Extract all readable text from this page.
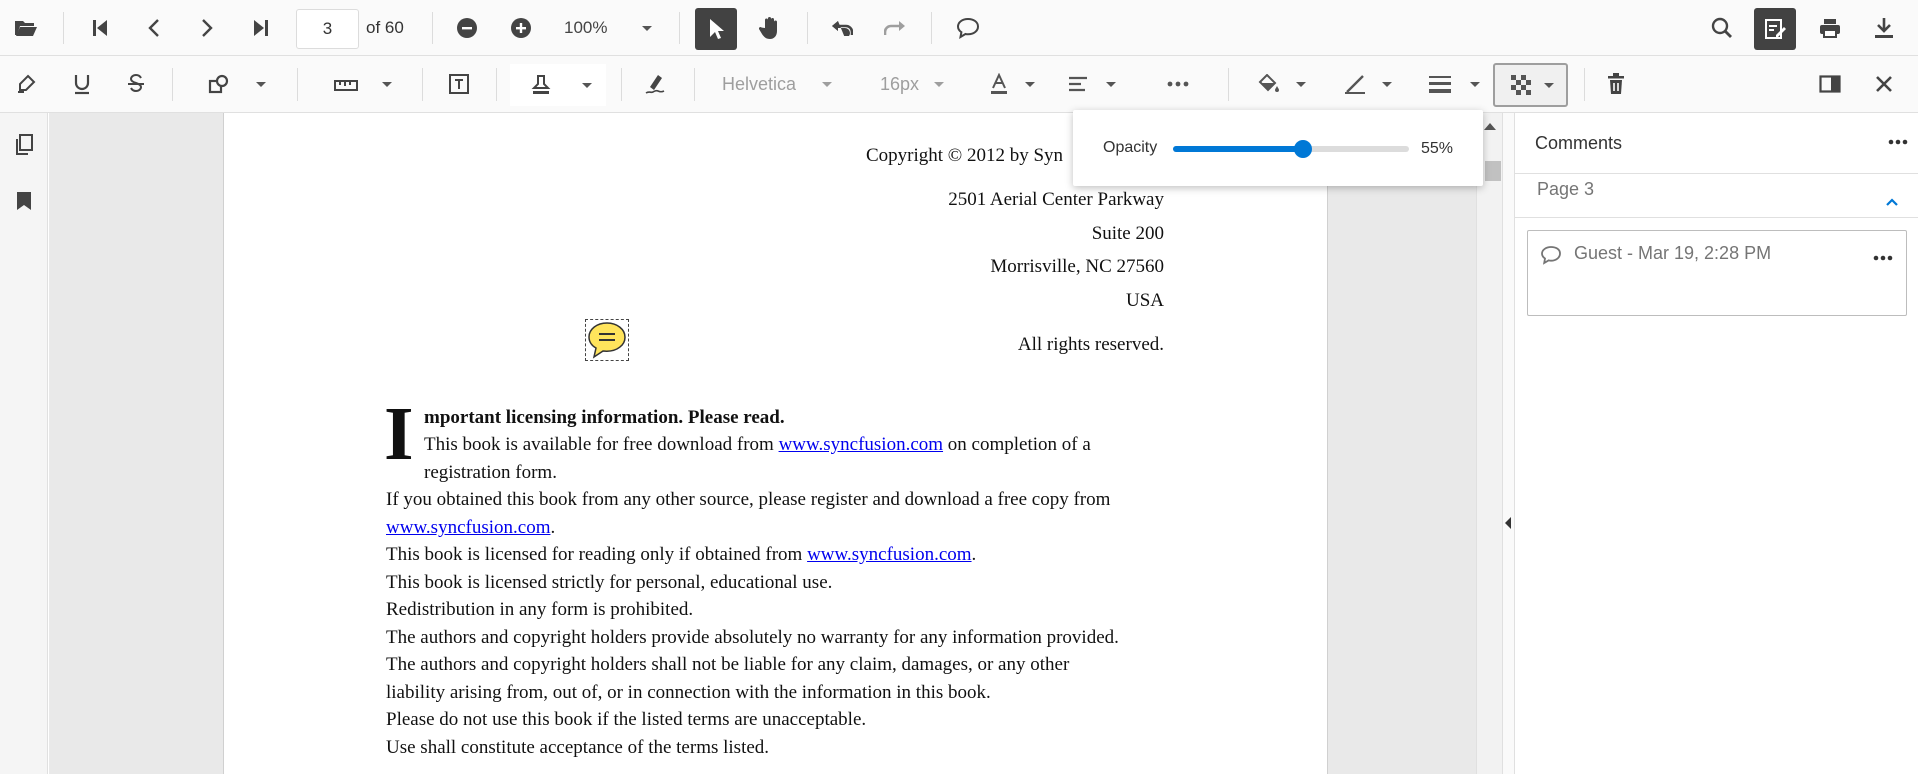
3
of 60	100%
Helvetica	16px
Copyright © 2012 by Syn
2501 Aerial Center Parkway
Suite 200
Morrisville, NC 27560
USA
All rights reserved.
I mportant licensing information. Please read.
This book is available for free download from www.syncfusion.com on completion of a
registration form.
If you obtained this book from any other source, please register and download a free copy from
www.syncfusion.com.
This book is licensed for reading only if obtained from www.syncfusion.com.
This book is licensed strictly for personal, educational use.
Redistribution in any form is prohibited.
The authors and copyright holders provide absolutely no warranty for any information provided.
The authors and copyright holders shall not be liable for any claim, damages, or any other
liability arising from, out of, or in connection with the information in this book.
Please do not use this book if the listed terms are unacceptable.
Use shall constitute acceptance of the terms listed.
Comments
Page 3
Guest - Mar 19, 2:28 PM
Opacity	55%
